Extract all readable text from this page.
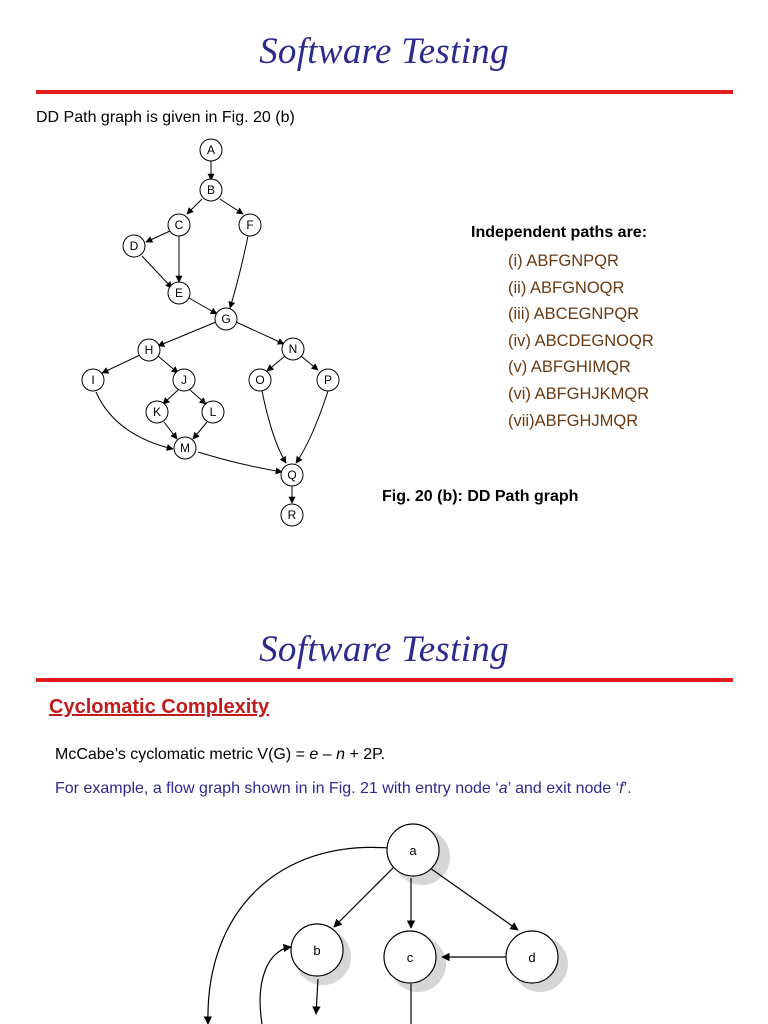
Software Testing
DD Path graph is given in Fig. 20 (b)
A
B
C	F
D
E
G
H	N
I	J	O	P
K	L
M
Q
R
Independent paths are:
(i) ABFGNPQR
(ii) ABFGNOQR
(iii) ABCEGNPQR
(iv) ABCDEGNOQR
(v) ABFGHIMQR
(vi) ABFGHJKMQR
(vii)ABFGHJMQR
Fig. 20 (b): DD Path graph
Software Testing
Cyclomatic Complexity
McCabe’s cyclomatic metric V(G) = e – n + 2P.
For example, a flow graph shown in in Fig. 21 with entry node ‘a’ and exit node ‘f’.
a
b	c	d
